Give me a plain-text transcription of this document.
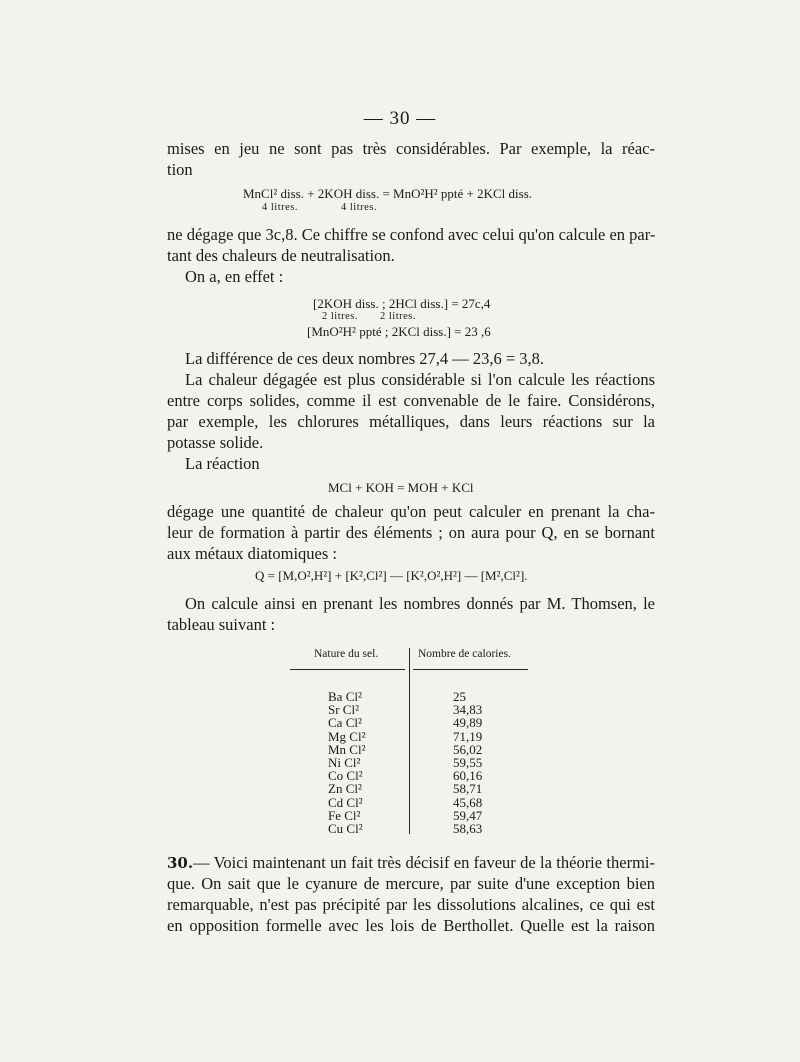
— 30 —
mises en jeu ne sont pas très considérables. Par exemple, la réac-
tion
MnCl² diss. + 2KOH diss. = MnO²H² ppté + 2KCl diss.
4 litres.	4 litres.
ne dégage que 3c,8. Ce chiffre se confond avec celui qu'on calcule en par-
tant des chaleurs de neutralisation.
On a, en effet :
[2KOH diss. ; 2HCl diss.] = 27c,4
2 litres. 2 litres.
[MnO²H² ppté ; 2KCl diss.] = 23 ,6
La différence de ces deux nombres 27,4 — 23,6 = 3,8.
La chaleur dégagée est plus considérable si l'on calcule les réactions
entre corps solides, comme il est convenable de le faire. Considérons,
par exemple, les chlorures métalliques, dans leurs réactions sur la
potasse solide.
La réaction
MCl + KOH = MOH + KCl
dégage une quantité de chaleur qu'on peut calculer en prenant la cha-
leur de formation à partir des éléments ; on aura pour Q, en se bornant
aux métaux diatomiques :
Q = [M,O²,H²] + [K²,Cl²] — [K²,O²,H²] — [M²,Cl²].
On calcule ainsi en prenant les nombres donnés par M. Thomsen, le
tableau suivant :
Nature du sel.	Nombre de calories.
Ba Cl²	25
Sr Cl²	34,83
Ca Cl²	49,89
Mg Cl²	71,19
Mn Cl²	56,02
Ni Cl²	59,55
Co Cl²	60,16
Zn Cl²	58,71
Cd Cl²	45,68
Fe Cl²	59,47
Cu Cl²	58,63
30.— Voici maintenant un fait très décisif en faveur de la théorie thermi-
que. On sait que le cyanure de mercure, par suite d'une exception bien
remarquable, n'est pas précipité par les dissolutions alcalines, ce qui est
en opposition formelle avec les lois de Berthollet. Quelle est la raison
